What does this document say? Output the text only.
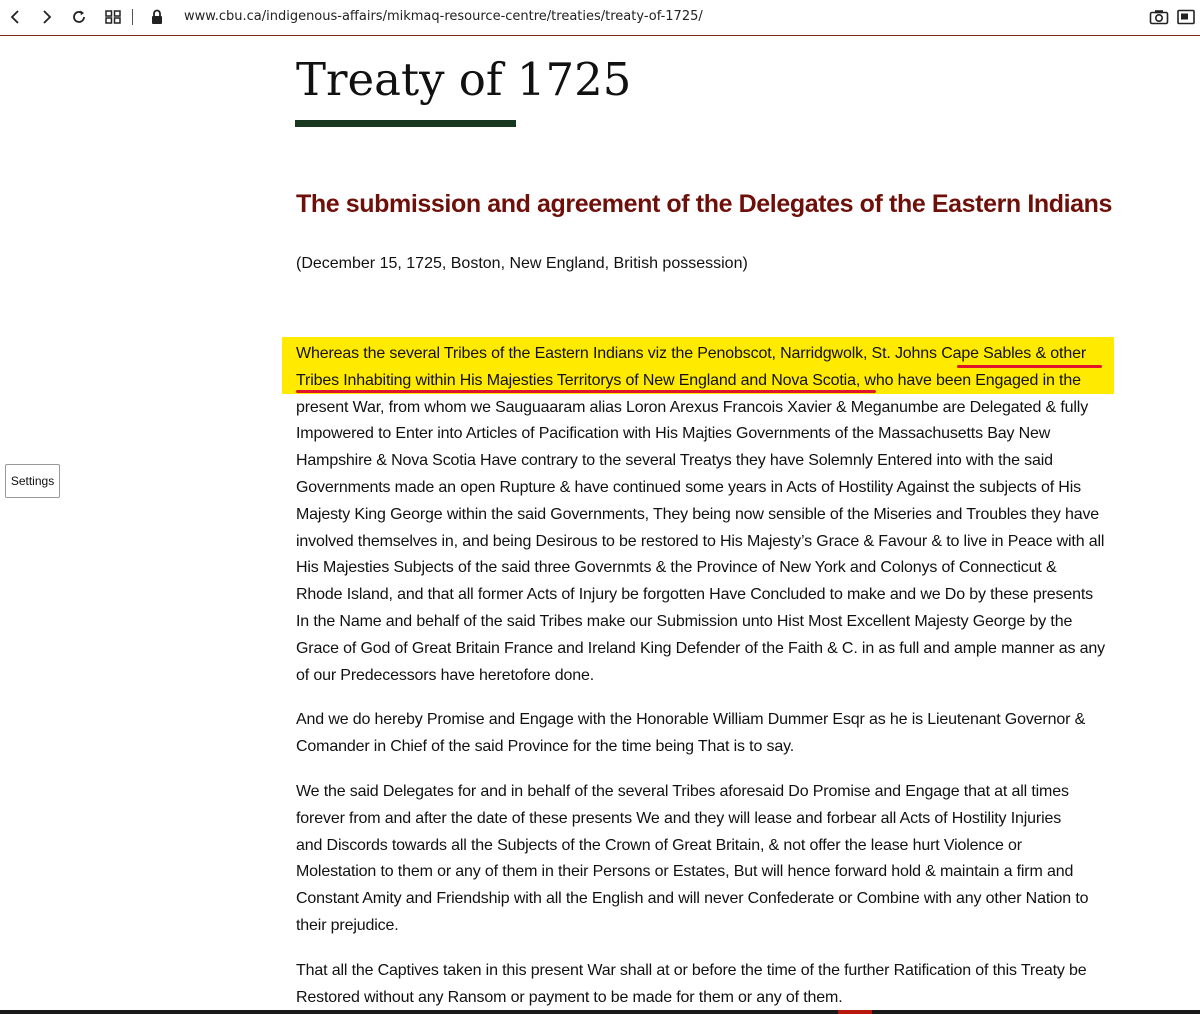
www.cbu.ca/indigenous-affairs/mikmaq-resource-centre/treaties/treaty-of-1725/
Treaty of 1725
The submission and agreement of the Delegates of the Eastern Indians
(December 15, 1725, Boston, New England, British possession)

Whereas the several Tribes of the Eastern Indians viz the Penobscot, Narridgwolk, St. Johns Cape Sables & other
Tribes Inhabiting within His Majesties Territorys of New England and Nova Scotia, who have been Engaged in the
present War, from whom we Sauguaaram alias Loron Arexus Francois Xavier & Meganumbe are Delegated & fully
Impowered to Enter into Articles of Pacification with His Majties Governments of the Massachusetts Bay New
Hampshire & Nova Scotia Have contrary to the several Treatys they have Solemnly Entered into with the said
Governments made an open Rupture & have continued some years in Acts of Hostility Against the subjects of His
Majesty King George within the said Governments, They being now sensible of the Miseries and Troubles they have
involved themselves in, and being Desirous to be restored to His Majesty’s Grace & Favour & to live in Peace with all
His Majesties Subjects of the said three Governmts & the Province of New York and Colonys of Connecticut &
Rhode Island, and that all former Acts of Injury be forgotten Have Concluded to make and we Do by these presents
In the Name and behalf of the said Tribes make our Submission unto Hist Most Excellent Majesty George by the
Grace of God of Great Britain France and Ireland King Defender of the Faith & C. in as full and ample manner as any
of our Predecessors have heretofore done.

And we do hereby Promise and Engage with the Honorable William Dummer Esqr as he is Lieutenant Governor &
Comander in Chief of the said Province for the time being That is to say.

We the said Delegates for and in behalf of the several Tribes aforesaid Do Promise and Engage that at all times
forever from and after the date of these presents We and they will lease and forbear all Acts of Hostility Injuries
and Discords towards all the Subjects of the Crown of Great Britain, & not offer the lease hurt Violence or
Molestation to them or any of them in their Persons or Estates, But will hence forward hold & maintain a firm and
Constant Amity and Friendship with all the English and will never Confederate or Combine with any other Nation to
their prejudice.

That all the Captives taken in this present War shall at or before the time of the further Ratification of this Treaty be
Restored without any Ransom or payment to be made for them or any of them.

Settings
